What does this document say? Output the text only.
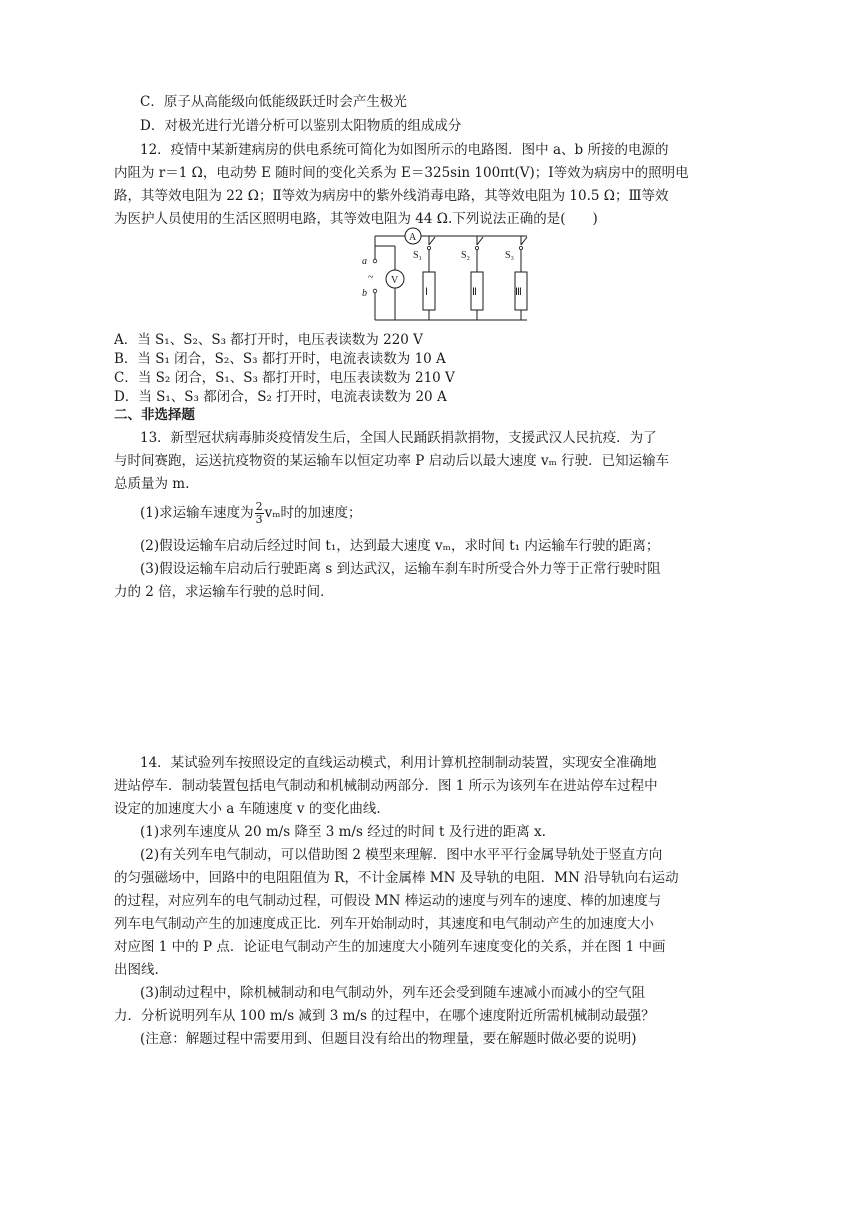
C．原子从高能级向低能级跃迁时会产生极光
D．对极光进行光谱分析可以鉴别太阳物质的组成成分
12．疫情中某新建病房的供电系统可简化为如图所示的电路图．图中 a、b 所接的电源的
内阻为 r＝1 Ω，电动势 E 随时间的变化关系为 E＝325sin 100πt(V)；Ⅰ等效为病房中的照明电
路，其等效电阻为 22 Ω；Ⅱ等效为病房中的紫外线消毒电路，其等效电阻为 10.5 Ω；Ⅲ等效
为医护人员使用的生活区照明电路，其等效电阻为 44 Ω.下列说法正确的是(　　)
a
~
b
A
V
S₁	S₂	S₃
Ⅰ	Ⅱ	Ⅲ
A．当 S₁、S₂、S₃ 都打开时，电压表读数为 220 V
B．当 S₁ 闭合，S₂、S₃ 都打开时，电流表读数为 10 A
C．当 S₂ 闭合，S₁、S₃ 都打开时，电压表读数为 210 V
D．当 S₁、S₃ 都闭合，S₂ 打开时，电流表读数为 20 A
二、非选择题
13．新型冠状病毒肺炎疫情发生后，全国人民踊跃捐款捐物，支援武汉人民抗疫．为了
与时间赛跑，运送抗疫物资的某运输车以恒定功率 P 启动后以最大速度 vₘ 行驶．已知运输车
总质量为 m.
(1)求运输车速度为 $\frac{2}{3}$ vₘ时的加速度；
(2)假设运输车启动后经过时间 t₁，达到最大速度 vₘ，求时间 t₁ 内运输车行驶的距离；
(3)假设运输车启动后行驶距离 s 到达武汉，运输车刹车时所受合外力等于正常行驶时阻
力的 2 倍，求运输车行驶的总时间．
14．某试验列车按照设定的直线运动模式，利用计算机控制制动装置，实现安全准确地
进站停车．制动装置包括电气制动和机械制动两部分．图 1 所示为该列车在进站停车过程中
设定的加速度大小 a 车随速度 v 的变化曲线.
(1)求列车速度从 20 m/s 降至 3 m/s 经过的时间 t 及行进的距离 x.
(2)有关列车电气制动，可以借助图 2 模型来理解．图中水平平行金属导轨处于竖直方向
的匀强磁场中，回路中的电阻阻值为 R，不计金属棒 MN 及导轨的电阻．MN 沿导轨向右运动
的过程，对应列车的电气制动过程，可假设 MN 棒运动的速度与列车的速度、棒的加速度与
列车电气制动产生的加速度成正比．列车开始制动时，其速度和电气制动产生的加速度大小
对应图 1 中的 P 点．论证电气制动产生的加速度大小随列车速度变化的关系，并在图 1 中画
出图线.
(3)制动过程中，除机械制动和电气制动外，列车还会受到随车速减小而减小的空气阻
力．分析说明列车从 100 m/s 减到 3 m/s 的过程中，在哪个速度附近所需机械制动最强？
(注意：解题过程中需要用到、但题目没有给出的物理量，要在解题时做必要的说明)
